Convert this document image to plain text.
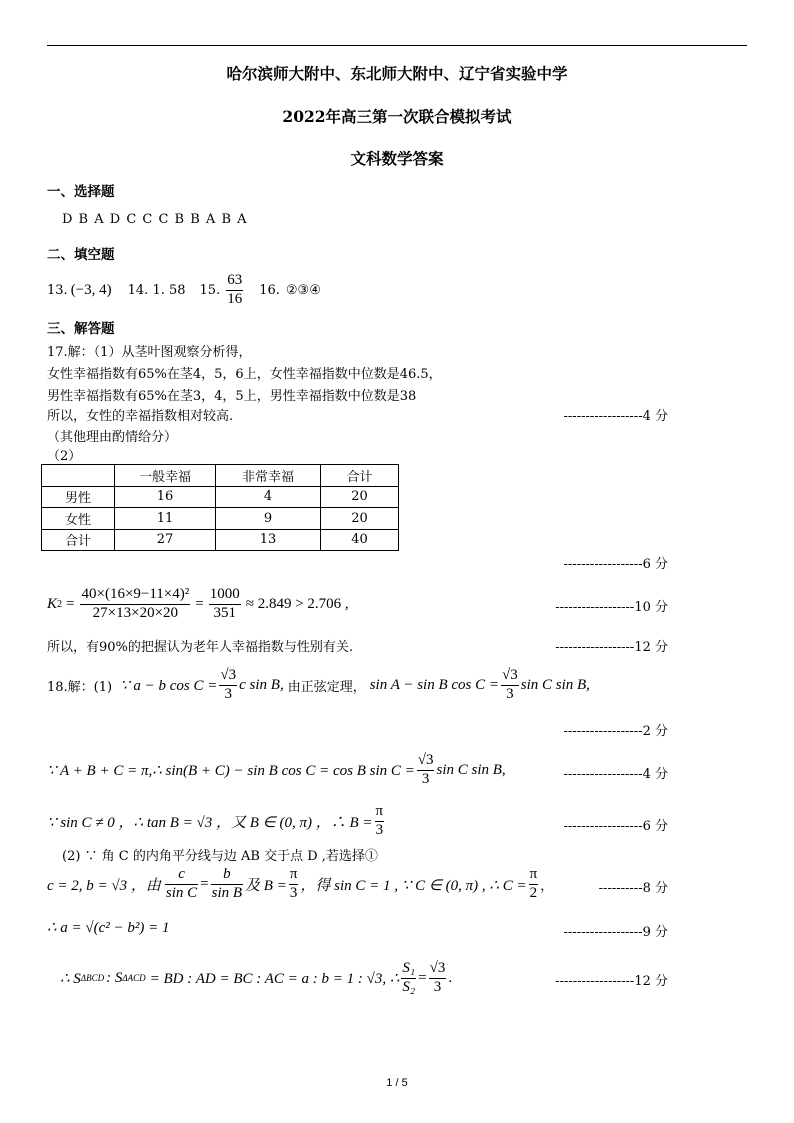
哈尔滨师大附中、东北师大附中、辽宁省实验中学
2022年高三第一次联合模拟考试
文科数学答案
一、选择题
D B A D C C C B B A B A
二、填空题
13. (−3, 4) 14. 1. 58 15. $\frac{63}{16} 16$. ②③④
三、解答题
17.解：（1）从茎叶图观察分析得，
女性幸福指数有65%在茎4，5，6上，女性幸福指数中位数是46.5，
男性幸福指数有65%在茎3，4，5上，男性幸福指数中位数是38
所以，女性的幸福指数相对较高.	------------------4 分
（其他理由酌情给分）
（2）
	一般幸福	非常幸福	合计
男性	16	4	20
女性	11	9	20
合计	27	13	40
------------------6 分
K $2 = \frac{\text{40×(16×9−11×4)²}}{27\times 13\times 20\times 20} = \frac{1000}{351} \approx 2.849 > 2.706$ ,	------------------10 分
所以，有90%的把握认为老年人幸福指数与性别有关.	------------------12 分
18.解：(1) ∵ a − b $\cos C = \frac{√3}{3}$ c sin B, 由正弦定理， sin A − sin B $\cos C = \frac{√3}{3}$ sin C sin B,
------------------2 分
∵ A + B + C = π,∴ sin(B + C) − sin B cos C = cos B $\sin C = \frac{√3}{3}$ sin C sin B,	------------------4 分
∵ sin C ≠ 0 ，∴ tan B = √3 ，又 B ∈ (0, π) ，∴ $B = \frac{\pi}{3}$	------------------6 分
(2) ∵ 角 C 的内角平分线与边 AB 交于点 D ,若选择①
c = 2, b = √3 ，由 $\frac{c}{\text{sin C}} = \frac{b}{\text{sin B}}$ 及 $B = \frac{\pi}{3}$ ，得 sin C = 1 , ∵ C ∈ (0, π) , ∴ $C = \frac{\pi}{2}$ ，	----------8 分
∴ a = √(c² − b²) = 1	------------------9 分
∴ S ΔBCD : S ΔACD = BD : AD = BC : AC = a : b = 1 : √3, ∴ $\frac{\text{S₁}}{\text{S₂}} = \frac{√3}{3}$ .	------------------12 分
1 / 5
